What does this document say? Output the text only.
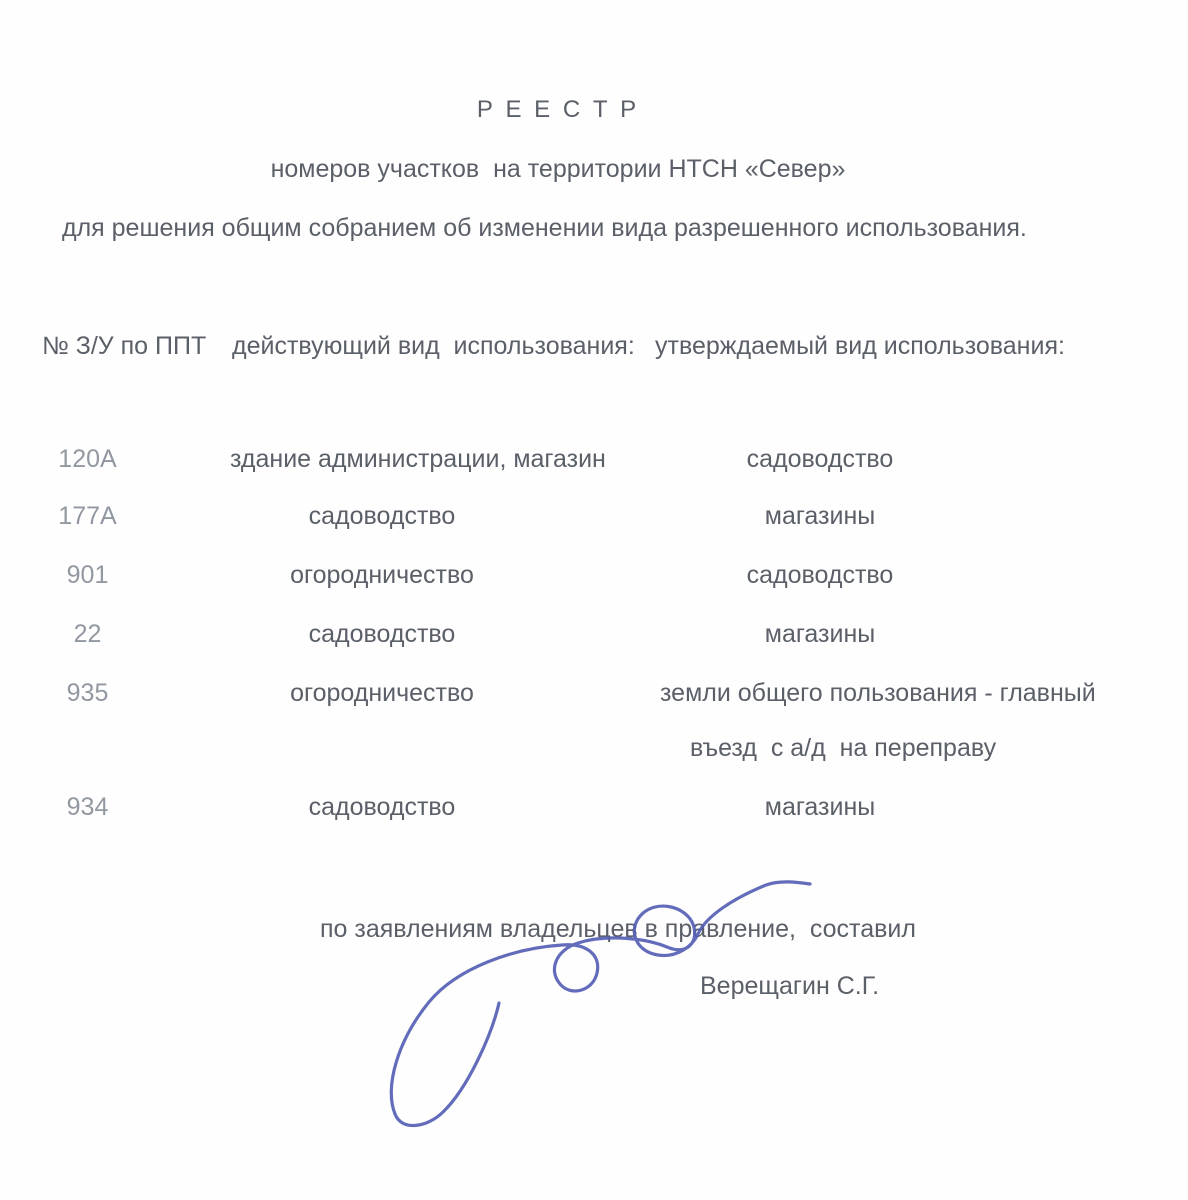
Р Е Е С Т Р
номеров участков  на территории НТСН «Север»
для решения общим собранием об изменении вида разрешенного использования.
№ З/У по ППТ действующий вид  использования: утверждаемый вид использования:
120А	здание администрации, магазин	садоводство
177А	садоводство	магазины
901	огородничество	садоводство
22	садоводство	магазины
935	огородничество	земли общего пользования - главный
въезд  с а/д  на переправу
934	садоводство	магазины
по заявлениям владельцев в правление,  составил
Верещагин С.Г.
